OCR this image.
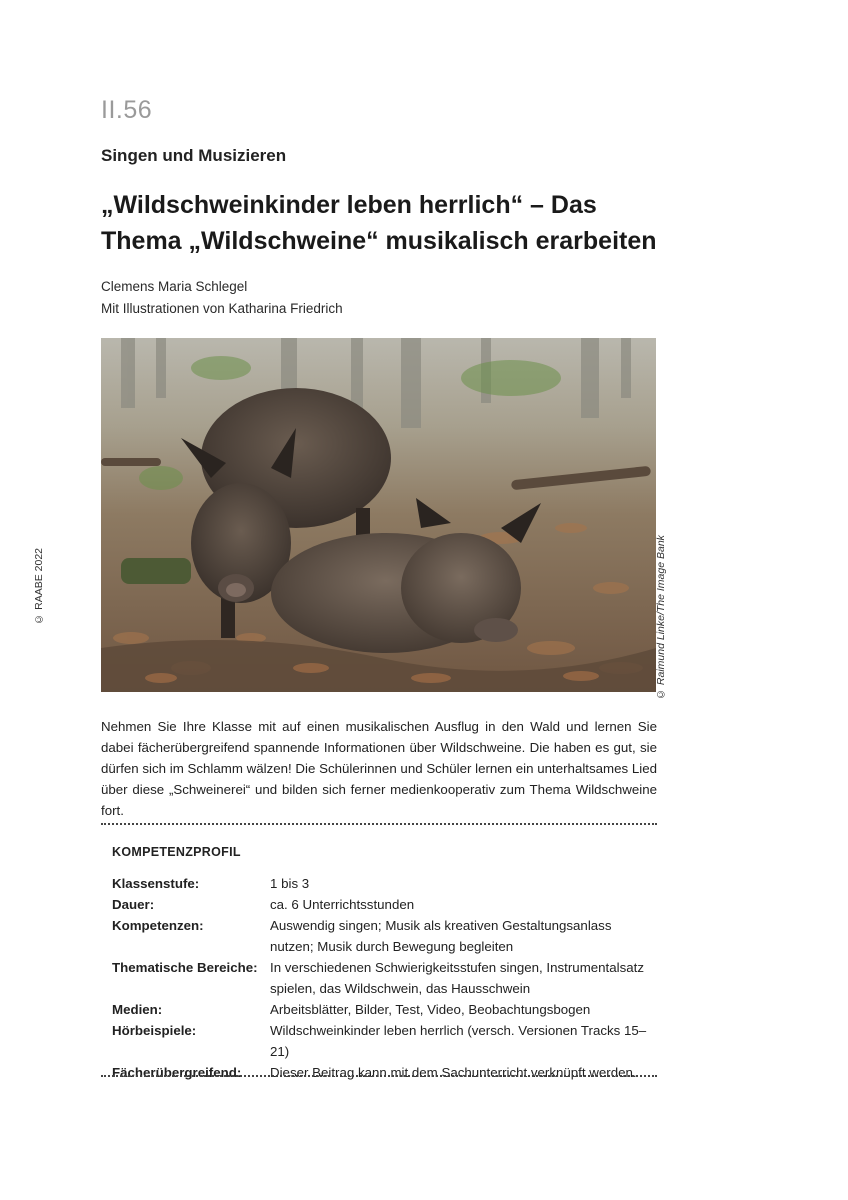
II.56
Singen und Musizieren
„Wildschweinkinder leben herrlich“ – Das Thema „Wildschweine“ musikalisch erarbeiten
Clemens Maria Schlegel
Mit Illustrationen von Katharina Friedrich
© Raimund Linke/The Image Bank
© RAABE 2022
Nehmen Sie Ihre Klasse mit auf einen musikalischen Ausflug in den Wald und lernen Sie dabei fächerübergreifend spannende Informationen über Wildschweine. Die haben es gut, sie dürfen sich im Schlamm wälzen! Die Schülerinnen und Schüler lernen ein unterhaltsames Lied über diese „Schweinerei“ und bilden sich ferner medienkooperativ zum Thema Wildschweine fort.
KOMPETENZPROFIL
Klassenstufe:	1 bis 3
Dauer:	ca. 6 Unterrichtsstunden
Kompetenzen:	Auswendig singen; Musik als kreativen Gestaltungsanlass nutzen; Musik durch Bewegung begleiten
Thematische Bereiche: In verschiedenen Schwierigkeitsstufen singen, Instrumentalsatz spielen, das Wildschwein, das Hausschwein
Medien:	Arbeitsblätter, Bilder, Test, Video, Beobachtungsbogen
Hörbeispiele:	Wildschweinkinder leben herrlich (versch. Versionen Tracks 15–21)
Fächerübergreifend:	Dieser Beitrag kann mit dem Sachunterricht verknüpft werden.
